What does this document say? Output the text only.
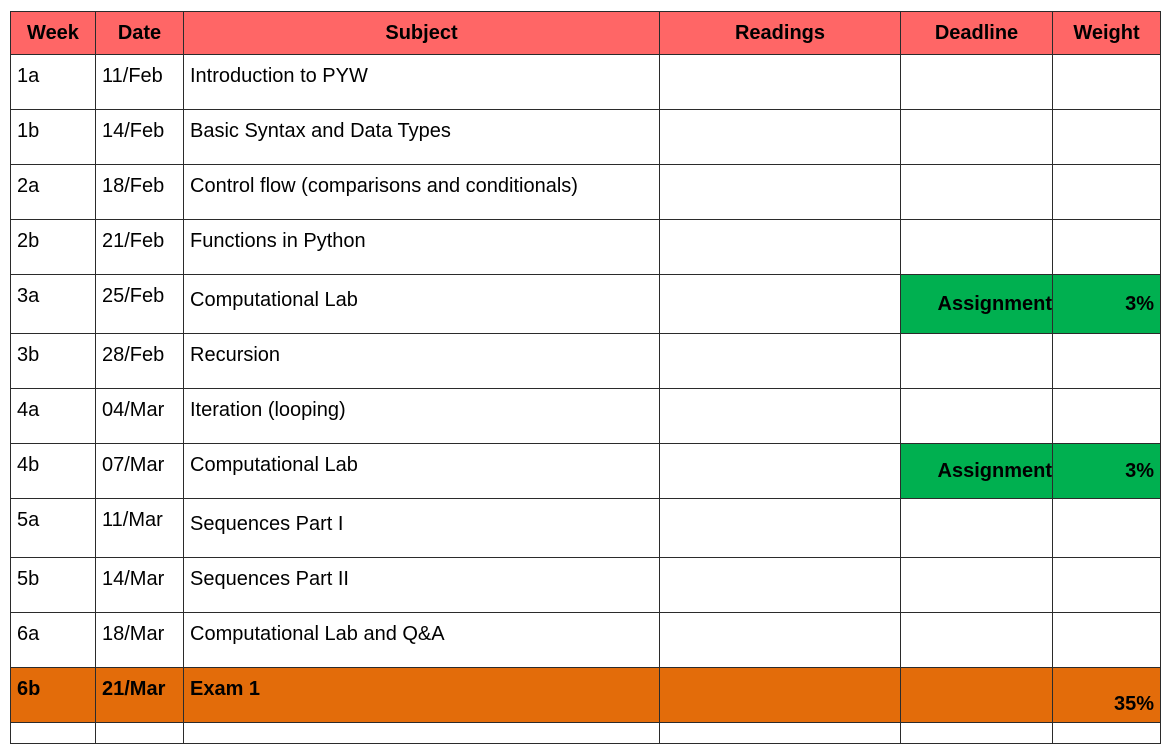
Week	Date	Subject	Readings	Deadline	Weight
1a	11/Feb	Introduction to PYW			
1b	14/Feb	Basic Syntax and Data Types			
2a	18/Feb	Control flow (comparisons and conditionals)			
2b	21/Feb	Functions in Python			
3a	25/Feb	Computational Lab		Assignment	3%
3b	28/Feb	Recursion			
4a	04/Mar	Iteration (looping)			
4b	07/Mar	Computational Lab		Assignment	3%
5a	11/Mar	Sequences Part I			
5b	14/Mar	Sequences Part II			
6a	18/Mar	Computational Lab and Q&A			
6b	21/Mar	Exam 1			35%
